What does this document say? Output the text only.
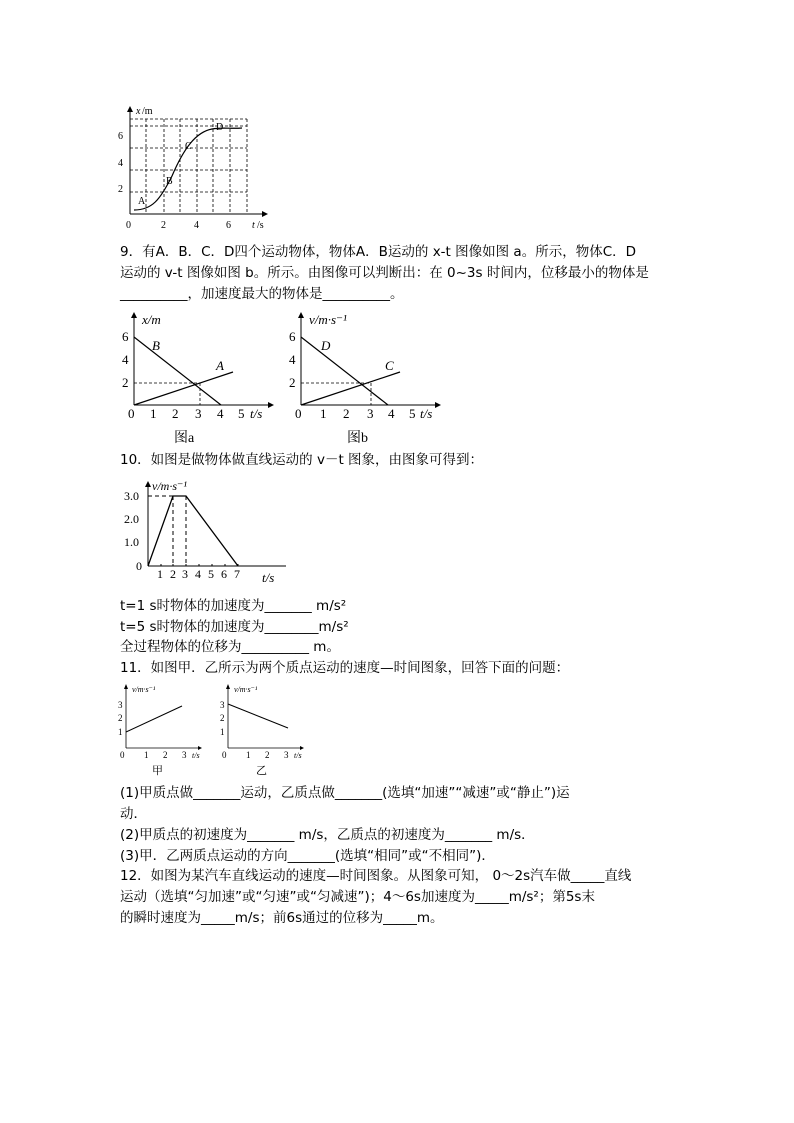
x /m
6
4
2
0	2	4	6 t /s
A
B
C
D
9．有A．B．C．D四个运动物体，物体A．B运动的 x-t 图像如图 a。所示，物体C．D
运动的 v-t 图像如图 b。所示。由图像可以判断出：在 0~3s 时间内，位移最小的物体是
__________，加速度最大的物体是__________。
x/m
B
A
6
4
2
0 1 2 3 4 5 t/s
图a
v/m·s⁻¹
D
C
6
4
2
0 1 2 3 4 5 t/s
图b
10．如图是做物体做直线运动的 v－t 图象，由图象可得到：
v/m·s⁻¹
3.0
2.0
1.0
0
1 2 3 4 5 6 7 t/s
t=1 s时物体的加速度为_______ m/s²
t=5 s时物体的加速度为________m/s²
全过程物体的位移为__________ m。
11．如图甲．乙所示为两个质点运动的速度—时间图象，回答下面的问题：
v/m·s⁻¹
3
2
1
0 1 2 3 t/s
甲
v/m·s⁻¹
3
2
1
0 1 2 3 t/s
乙
(1)甲质点做_______运动，乙质点做_______(选填“加速”“减速”或“静止”)运
动．
(2)甲质点的初速度为_______ m/s，乙质点的初速度为_______ m/s．
(3)甲．乙两质点运动的方向_______(选填“相同”或“不相同”)．
12．如图为某汽车直线运动的速度—时间图象。从图象可知， 0～2s汽车做_____直线
运动（选填“匀加速”或“匀速”或“匀减速”)；4～6s加速度为_____m/s²；第5s末
的瞬时速度为_____m/s；前6s通过的位移为_____m。
